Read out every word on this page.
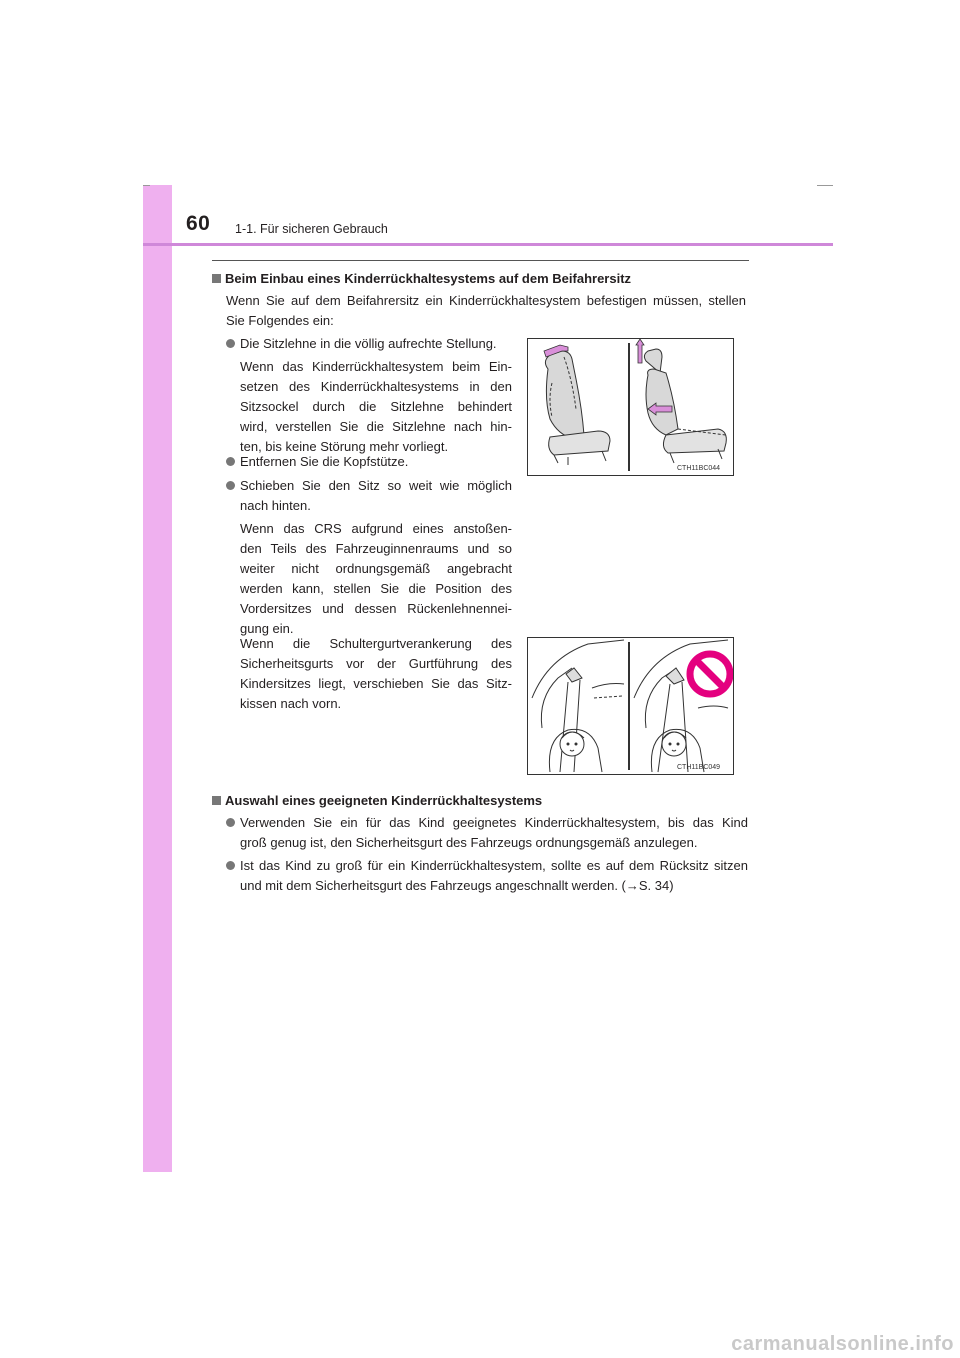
60 1-1. Für sicheren Gebrauch
Beim Einbau eines Kinderrückhaltesystems auf dem Beifahrersitz
Wenn Sie auf dem Beifahrersitz ein Kinderrückhaltesystem befestigen müssen, stellen
Sie Folgendes ein:
Die Sitzlehne in die völlig aufrechte Stellung.
Wenn das Kinderrückhaltesystem beim Ein-
setzen des Kinderrückhaltesystems in den
Sitzsockel durch die Sitzlehne behindert
wird, verstellen Sie die Sitzlehne nach hin-
ten, bis keine Störung mehr vorliegt.
Entfernen Sie die Kopfstütze.
Schieben Sie den Sitz so weit wie möglich
nach hinten.
Wenn das CRS aufgrund eines anstoßen-
den Teils des Fahrzeuginnenraums und so
weiter nicht ordnungsgemäß angebracht
werden kann, stellen Sie die Position des
Vordersitzes und dessen Rückenlehnennei-
gung ein.
Wenn die Schultergurtverankerung des
Sicherheitsgurts vor der Gurtführung des
Kindersitzes liegt, verschieben Sie das Sitz-
kissen nach vorn.
CTH11BC044
CTH11BC049
Auswahl eines geeigneten Kinderrückhaltesystems
Verwenden Sie ein für das Kind geeignetes Kinderrückhaltesystem, bis das Kind
groß genug ist, den Sicherheitsgurt des Fahrzeugs ordnungsgemäß anzulegen.
Ist das Kind zu groß für ein Kinderrückhaltesystem, sollte es auf dem Rücksitz sitzen
und mit dem Sicherheitsgurt des Fahrzeugs angeschnallt werden. (→S. 34)
carmanualsonline.info
